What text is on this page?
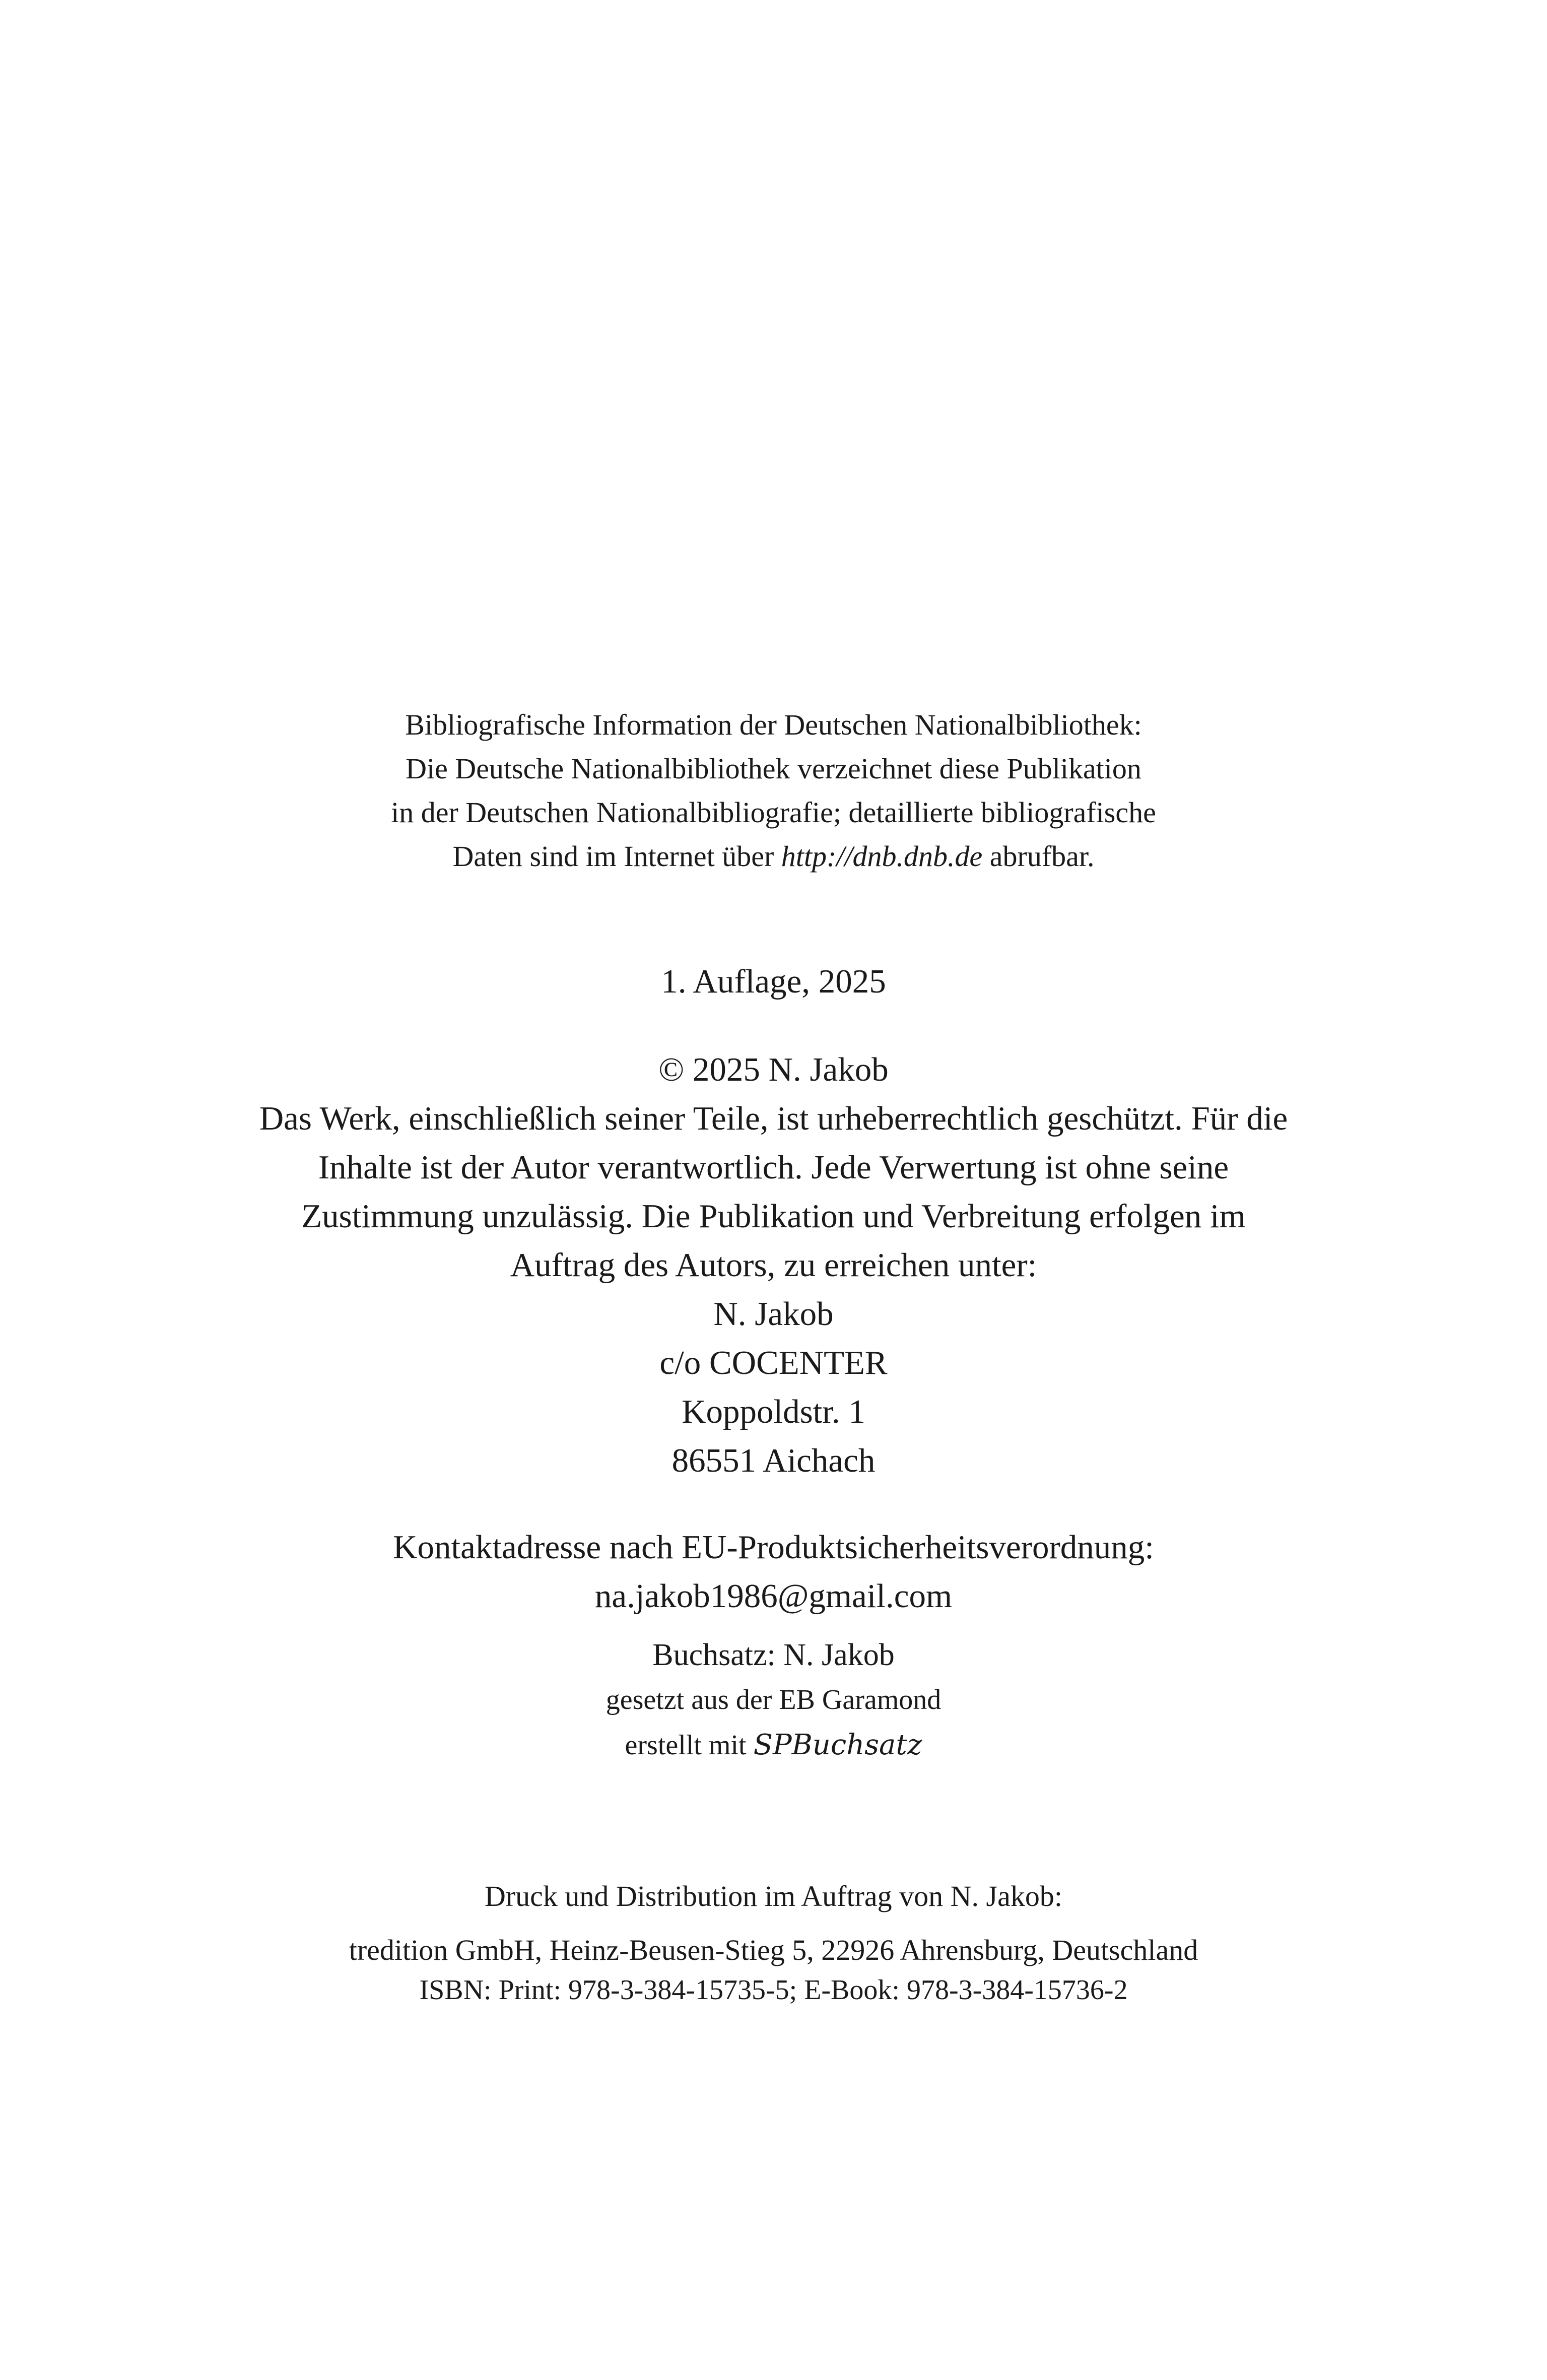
Bibliografische Information der Deutschen Nationalbibliothek:
Die Deutsche Nationalbibliothek verzeichnet diese Publikation
in der Deutschen Nationalbibliografie; detaillierte bibliografische
Daten sind im Internet über http://dnb.dnb.de abrufbar.
1. Auflage, 2025
© 2025 N. Jakob
Das Werk, einschließlich seiner Teile, ist urheberrechtlich geschützt. Für die
Inhalte ist der Autor verantwortlich. Jede Verwertung ist ohne seine
Zustimmung unzulässig. Die Publikation und Verbreitung erfolgen im
Auftrag des Autors, zu erreichen unter:
N. Jakob
c/o COCENTER
Koppoldstr. 1
86551 Aichach
Kontaktadresse nach EU-Produktsicherheitsverordnung:
na.jakob1986@gmail.com
Buchsatz: N. Jakob
gesetzt aus der EB Garamond
erstellt mit SPBuchsatz
Druck und Distribution im Auftrag von N. Jakob:
tredition GmbH, Heinz-Beusen-Stieg 5, 22926 Ahrensburg, Deutschland
ISBN: Print: 978-3-384-15735-5; E-Book: 978-3-384-15736-2
